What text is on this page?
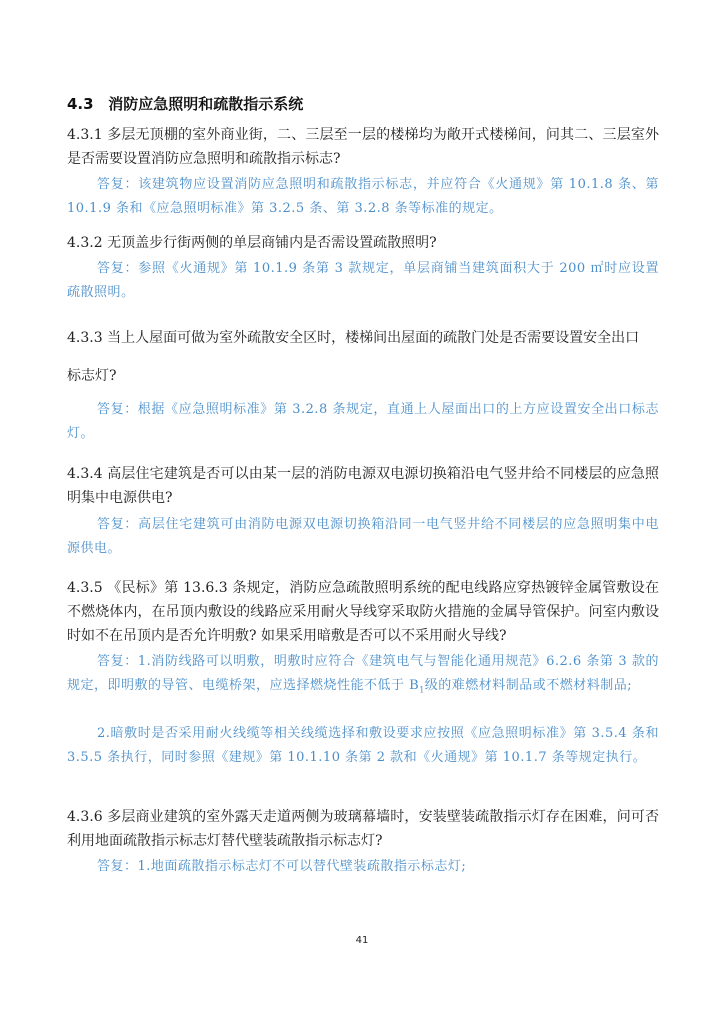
4.3 消防应急照明和疏散指示系统
4.3.1 多层无顶棚的室外商业街，二、三层至一层的楼梯均为敞开式楼梯间，问其二、三层室外是否需要设置消防应急照明和疏散指示标志?
答复：该建筑物应设置消防应急照明和疏散指示标志，并应符合《火通规》第 10.1.8 条、第 10.1.9 条和《应急照明标准》第 3.2.5 条、第 3.2.8 条等标准的规定。
4.3.2 无顶盖步行街两侧的单层商铺内是否需设置疏散照明?
答复：参照《火通规》第 10.1.9 条第 3 款规定，单层商铺当建筑面积大于 200 ㎡时应设置疏散照明。
4.3.3 当上人屋面可做为室外疏散安全区时，楼梯间出屋面的疏散门处是否需要设置安全出口
标志灯?
答复：根据《应急照明标准》第 3.2.8 条规定，直通上人屋面出口的上方应设置安全出口标志灯。
4.3.4 高层住宅建筑是否可以由某一层的消防电源双电源切换箱沿电气竖井给不同楼层的应急照明集中电源供电?
答复：高层住宅建筑可由消防电源双电源切换箱沿同一电气竖井给不同楼层的应急照明集中电源供电。
4.3.5 《民标》第 13.6.3 条规定，消防应急疏散照明系统的配电线路应穿热镀锌金属管敷设在不燃烧体内，在吊顶内敷设的线路应采用耐火导线穿采取防火措施的金属导管保护。问室内敷设时如不在吊顶内是否允许明敷? 如果采用暗敷是否可以不采用耐火导线?
答复：1.消防线路可以明敷，明敷时应符合《建筑电气与智能化通用规范》6.2.6 条第 3 款的规定，即明敷的导管、电缆桥架，应选择燃烧性能不低于 $B_1$级的难燃材料制品或不燃材料制品;
2.暗敷时是否采用耐火线缆等相关线缆选择和敷设要求应按照《应急照明标准》第 3.5.4 条和 3.5.5 条执行，同时参照《建规》第 10.1.10 条第 2 款和《火通规》第 10.1.7 条等规定执行。
4.3.6 多层商业建筑的室外露天走道两侧为玻璃幕墙时，安装壁装疏散指示灯存在困难，问可否利用地面疏散指示标志灯替代壁装疏散指示标志灯?
答复：1.地面疏散指示标志灯不可以替代壁装疏散指示标志灯;
41
